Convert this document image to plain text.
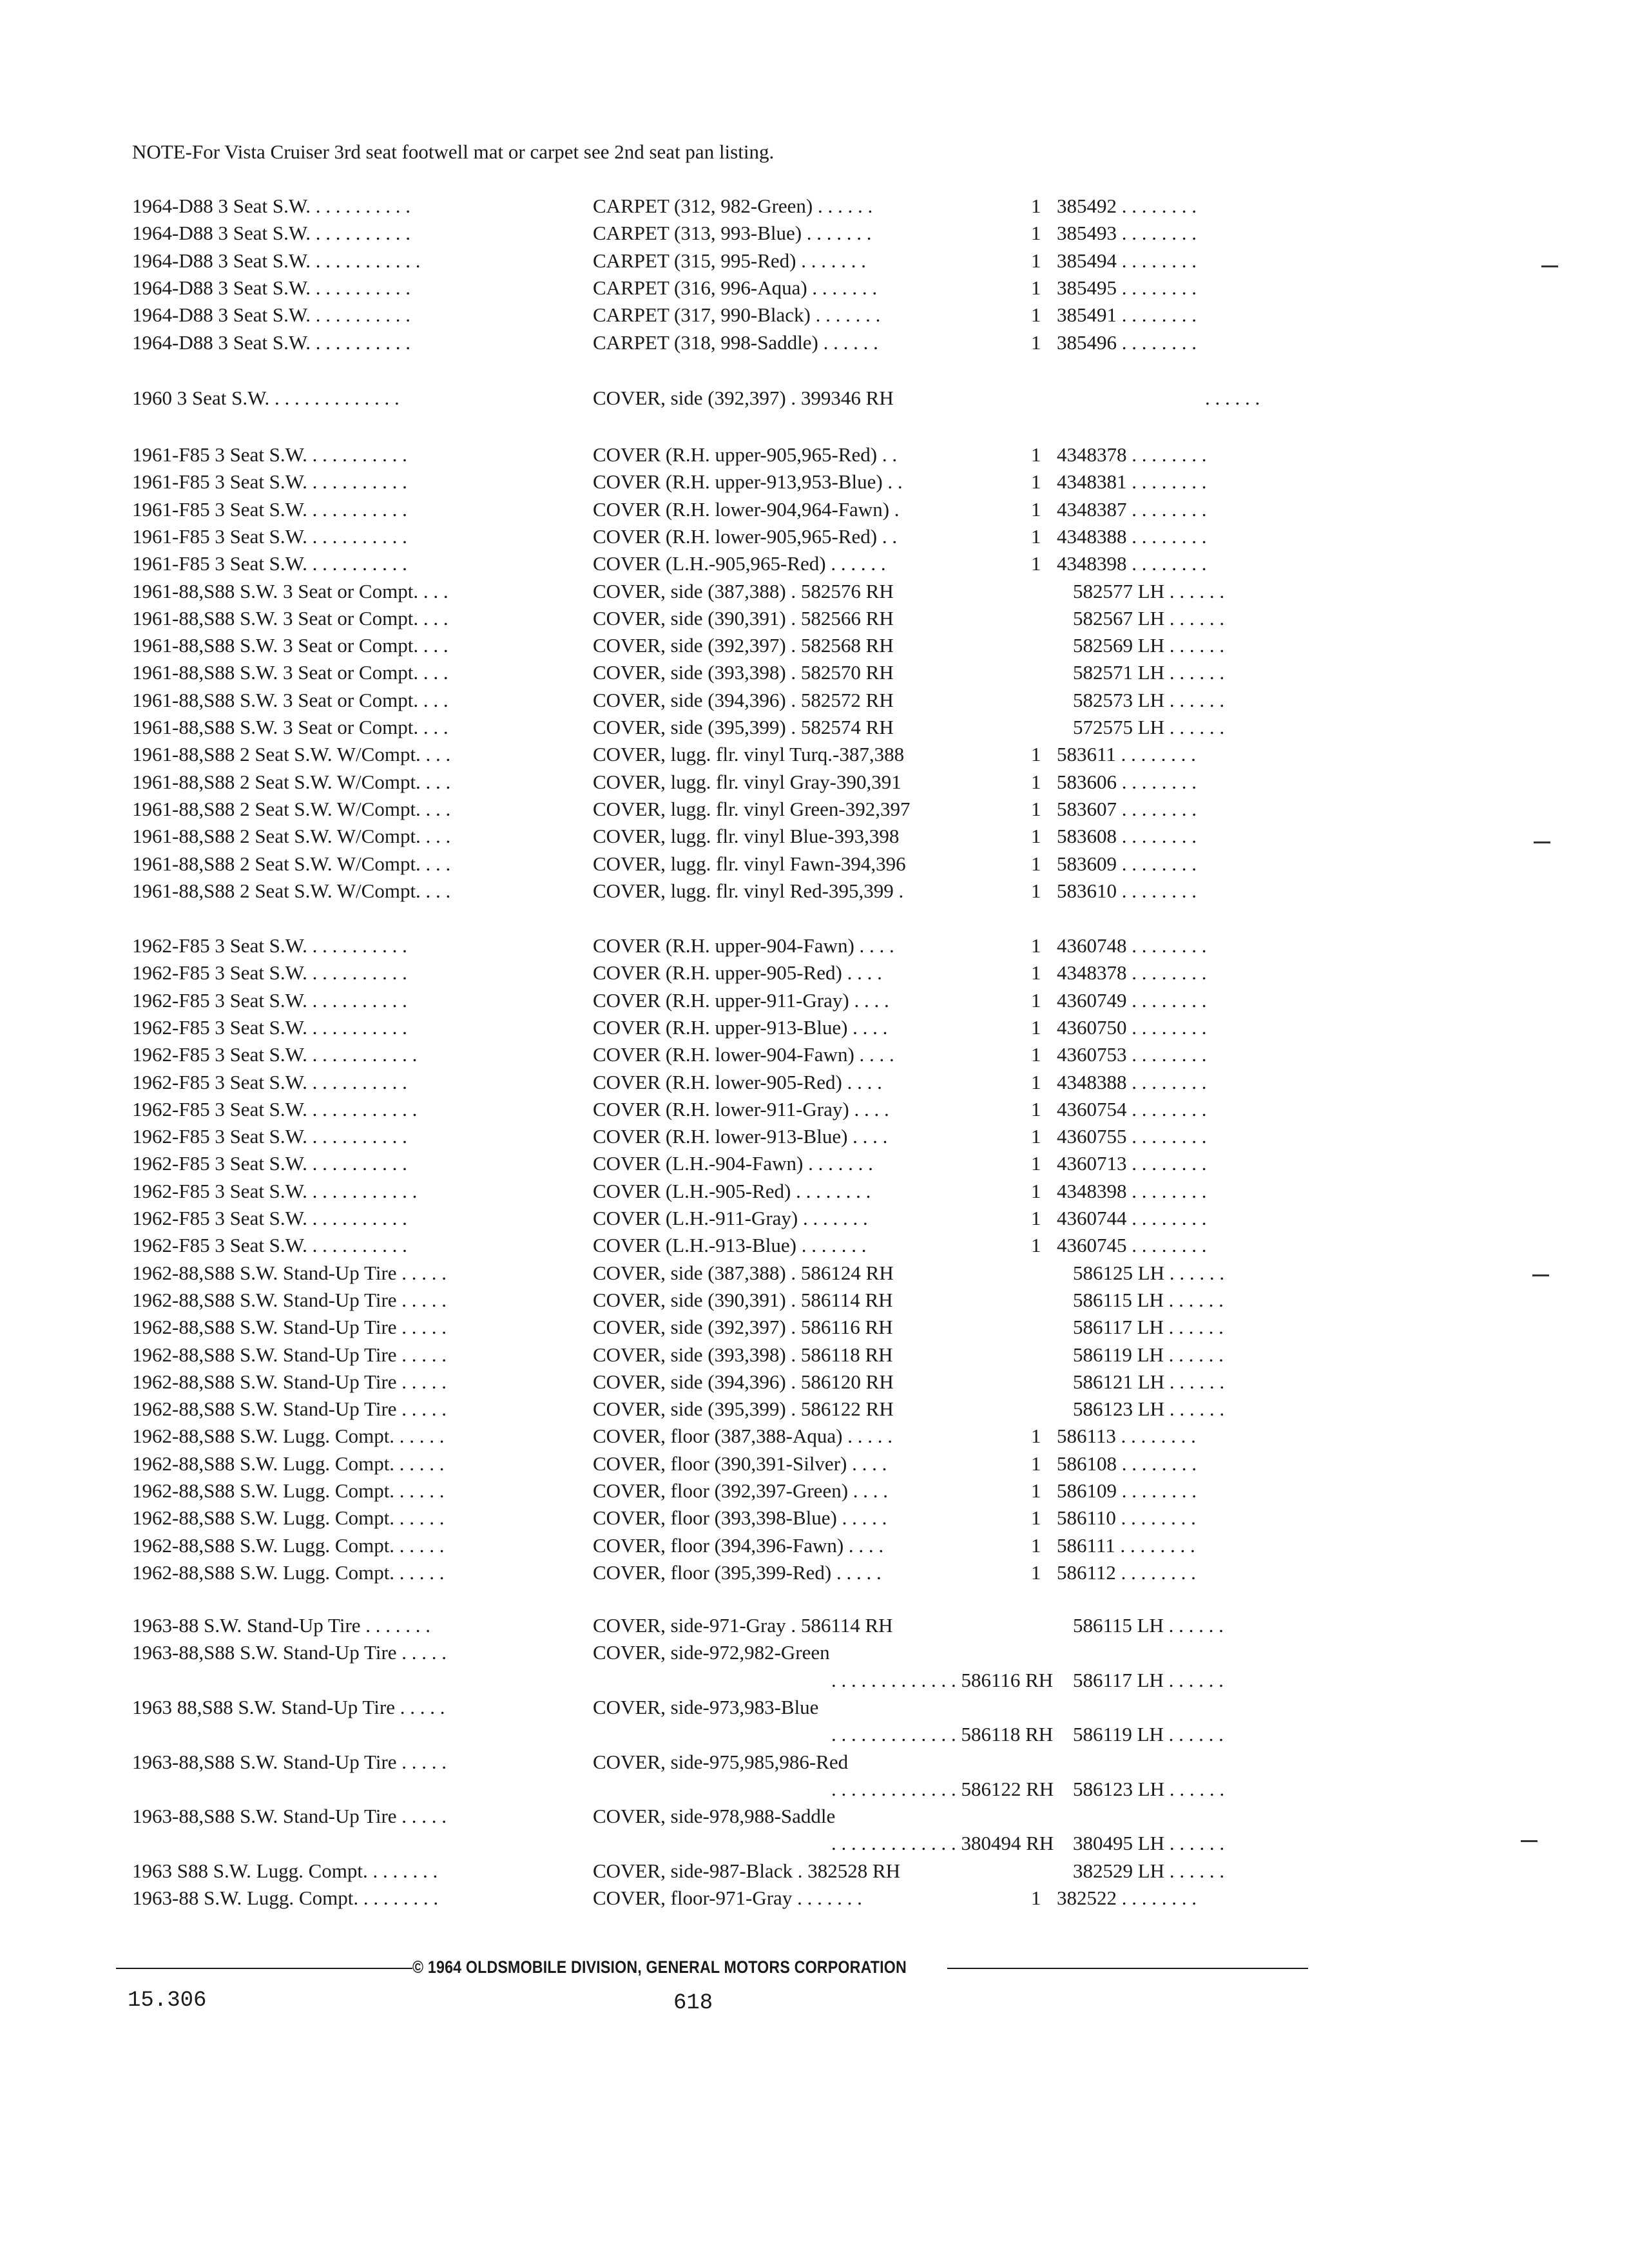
NOTE-For Vista Cruiser 3rd seat footwell mat or carpet see 2nd seat pan listing.
1964-D88 3 Seat S.W. . . . . . . . . . .	CARPET (312, 982-Green) . . . . . .	1 385492 . . . . . . . .
1964-D88 3 Seat S.W. . . . . . . . . . .	CARPET (313, 993-Blue) . . . . . . .	1 385493 . . . . . . . .
1964-D88 3 Seat S.W. . . . . . . . . . . .	CARPET (315, 995-Red) . . . . . . .	1 385494 . . . . . . . .
1964-D88 3 Seat S.W. . . . . . . . . . .	CARPET (316, 996-Aqua) . . . . . . .	1 385495 . . . . . . . .
1964-D88 3 Seat S.W. . . . . . . . . . .	CARPET (317, 990-Black) . . . . . . .	1 385491 . . . . . . . .
1964-D88 3 Seat S.W. . . . . . . . . . .	CARPET (318, 998-Saddle) . . . . . .	1 385496 . . . . . . . .
1960 3 Seat S.W. . . . . . . . . . . . . .	COVER, side (392,397) . 399346 RH	. . . . . .
1961-F85 3 Seat S.W. . . . . . . . . . .	COVER (R.H. upper-905,965-Red) . .	1 4348378 . . . . . . . .
1961-F85 3 Seat S.W. . . . . . . . . . .	COVER (R.H. upper-913,953-Blue) . .	1 4348381 . . . . . . . .
1961-F85 3 Seat S.W. . . . . . . . . . .	COVER (R.H. lower-904,964-Fawn) .	1 4348387 . . . . . . . .
1961-F85 3 Seat S.W. . . . . . . . . . .	COVER (R.H. lower-905,965-Red) . .	1 4348388 . . . . . . . .
1961-F85 3 Seat S.W. . . . . . . . . . .	COVER (L.H.-905,965-Red) . . . . . .	1 4348398 . . . . . . . .
1961-88,S88 S.W. 3 Seat or Compt. . . .	COVER, side (387,388) . 582576 RH	582577 LH . . . . . .
1961-88,S88 S.W. 3 Seat or Compt. . . .	COVER, side (390,391) . 582566 RH	582567 LH . . . . . .
1961-88,S88 S.W. 3 Seat or Compt. . . .	COVER, side (392,397) . 582568 RH	582569 LH . . . . . .
1961-88,S88 S.W. 3 Seat or Compt. . . .	COVER, side (393,398) . 582570 RH	582571 LH . . . . . .
1961-88,S88 S.W. 3 Seat or Compt. . . .	COVER, side (394,396) . 582572 RH	582573 LH . . . . . .
1961-88,S88 S.W. 3 Seat or Compt. . . .	COVER, side (395,399) . 582574 RH	572575 LH . . . . . .
1961-88,S88 2 Seat S.W. W/Compt. . . .	COVER, lugg. flr. vinyl Turq.-387,388	1 583611 . . . . . . . .
1961-88,S88 2 Seat S.W. W/Compt. . . .	COVER, lugg. flr. vinyl Gray-390,391	1 583606 . . . . . . . .
1961-88,S88 2 Seat S.W. W/Compt. . . .	COVER, lugg. flr. vinyl Green-392,397	1 583607 . . . . . . . .
1961-88,S88 2 Seat S.W. W/Compt. . . .	COVER, lugg. flr. vinyl Blue-393,398	1 583608 . . . . . . . .
1961-88,S88 2 Seat S.W. W/Compt. . . .	COVER, lugg. flr. vinyl Fawn-394,396	1 583609 . . . . . . . .
1961-88,S88 2 Seat S.W. W/Compt. . . .	COVER, lugg. flr. vinyl Red-395,399 .	1 583610 . . . . . . . .
1962-F85 3 Seat S.W. . . . . . . . . . .	COVER (R.H. upper-904-Fawn) . . . .	1 4360748 . . . . . . . .
1962-F85 3 Seat S.W. . . . . . . . . . .	COVER (R.H. upper-905-Red) . . . .	1 4348378 . . . . . . . .
1962-F85 3 Seat S.W. . . . . . . . . . .	COVER (R.H. upper-911-Gray) . . . .	1 4360749 . . . . . . . .
1962-F85 3 Seat S.W. . . . . . . . . . .	COVER (R.H. upper-913-Blue) . . . .	1 4360750 . . . . . . . .
1962-F85 3 Seat S.W. . . . . . . . . . . .	COVER (R.H. lower-904-Fawn) . . . .	1 4360753 . . . . . . . .
1962-F85 3 Seat S.W. . . . . . . . . . .	COVER (R.H. lower-905-Red) . . . .	1 4348388 . . . . . . . .
1962-F85 3 Seat S.W. . . . . . . . . . . .	COVER (R.H. lower-911-Gray) . . . .	1 4360754 . . . . . . . .
1962-F85 3 Seat S.W. . . . . . . . . . .	COVER (R.H. lower-913-Blue) . . . .	1 4360755 . . . . . . . .
1962-F85 3 Seat S.W. . . . . . . . . . .	COVER (L.H.-904-Fawn) . . . . . . .	1 4360713 . . . . . . . .
1962-F85 3 Seat S.W. . . . . . . . . . . .	COVER (L.H.-905-Red) . . . . . . . .	1 4348398 . . . . . . . .
1962-F85 3 Seat S.W. . . . . . . . . . .	COVER (L.H.-911-Gray) . . . . . . .	1 4360744 . . . . . . . .
1962-F85 3 Seat S.W. . . . . . . . . . .	COVER (L.H.-913-Blue) . . . . . . .	1 4360745 . . . . . . . .
1962-88,S88 S.W. Stand-Up Tire . . . . .	COVER, side (387,388) . 586124 RH	586125 LH . . . . . .
1962-88,S88 S.W. Stand-Up Tire . . . . .	COVER, side (390,391) . 586114 RH	586115 LH . . . . . .
1962-88,S88 S.W. Stand-Up Tire . . . . .	COVER, side (392,397) . 586116 RH	586117 LH . . . . . .
1962-88,S88 S.W. Stand-Up Tire . . . . .	COVER, side (393,398) . 586118 RH	586119 LH . . . . . .
1962-88,S88 S.W. Stand-Up Tire . . . . .	COVER, side (394,396) . 586120 RH	586121 LH . . . . . .
1962-88,S88 S.W. Stand-Up Tire . . . . .	COVER, side (395,399) . 586122 RH	586123 LH . . . . . .
1962-88,S88 S.W. Lugg. Compt. . . . . .	COVER, floor (387,388-Aqua) . . . . .	1 586113 . . . . . . . .
1962-88,S88 S.W. Lugg. Compt. . . . . .	COVER, floor (390,391-Silver) . . . .	1 586108 . . . . . . . .
1962-88,S88 S.W. Lugg. Compt. . . . . .	COVER, floor (392,397-Green) . . . .	1 586109 . . . . . . . .
1962-88,S88 S.W. Lugg. Compt. . . . . .	COVER, floor (393,398-Blue) . . . . .	1 586110 . . . . . . . .
1962-88,S88 S.W. Lugg. Compt. . . . . .	COVER, floor (394,396-Fawn) . . . .	1 586111 . . . . . . . .
1962-88,S88 S.W. Lugg. Compt. . . . . .	COVER, floor (395,399-Red) . . . . .	1 586112 . . . . . . . .
1963-88 S.W. Stand-Up Tire . . . . . . .	COVER, side-971-Gray . 586114 RH	586115 LH . . . . . .
1963-88,S88 S.W. Stand-Up Tire . . . . .	COVER, side-972,982-Green
. . . . . . . . . . . . . 586116 RH 586117 LH . . . . . .
1963 88,S88 S.W. Stand-Up Tire . . . . .	COVER, side-973,983-Blue
. . . . . . . . . . . . . 586118 RH 586119 LH . . . . . .
1963-88,S88 S.W. Stand-Up Tire . . . . .	COVER, side-975,985,986-Red
. . . . . . . . . . . . . 586122 RH 586123 LH . . . . . .
1963-88,S88 S.W. Stand-Up Tire . . . . .	COVER, side-978,988-Saddle
. . . . . . . . . . . . . 380494 RH 380495 LH . . . . . .
1963 S88 S.W. Lugg. Compt. . . . . . . .	COVER, side-987-Black . 382528 RH	382529 LH . . . . . .
1963-88 S.W. Lugg. Compt. . . . . . . . .	COVER, floor-971-Gray . . . . . . .	1 382522 . . . . . . . .
© 1964 OLDSMOBILE DIVISION, GENERAL MOTORS CORPORATION
15.306	618
